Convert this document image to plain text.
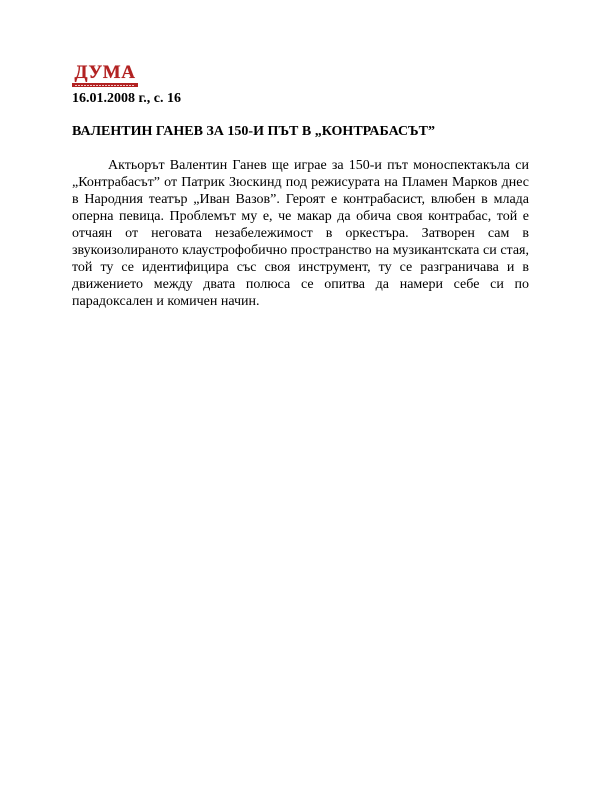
ДУМА
16.01.2008 г., с. 16
ВАЛЕНТИН ГАНЕВ ЗА 150-И ПЪТ В „КОНТРАБАСЪТ”

Актьорът Валентин Ганев ще играе за 150-и път моноспектакъла си „Контрабасът” от Патрик Зюскинд под режисурата на Пламен Марков днес в Народния театър „Иван Вазов”. Героят е контрабасист, влюбен в млада оперна певица. Проблемът му е, че макар да обича своя контрабас, той е отчаян от неговата незабележимост в оркестъра. Затворен сам в звукоизолираното клаустрофобично пространство на музикантската си стая, той ту се идентифицира със своя инструмент, ту се разграничава и в движението между двата полюса се опитва да намери себе си по парадоксален и комичен начин.
